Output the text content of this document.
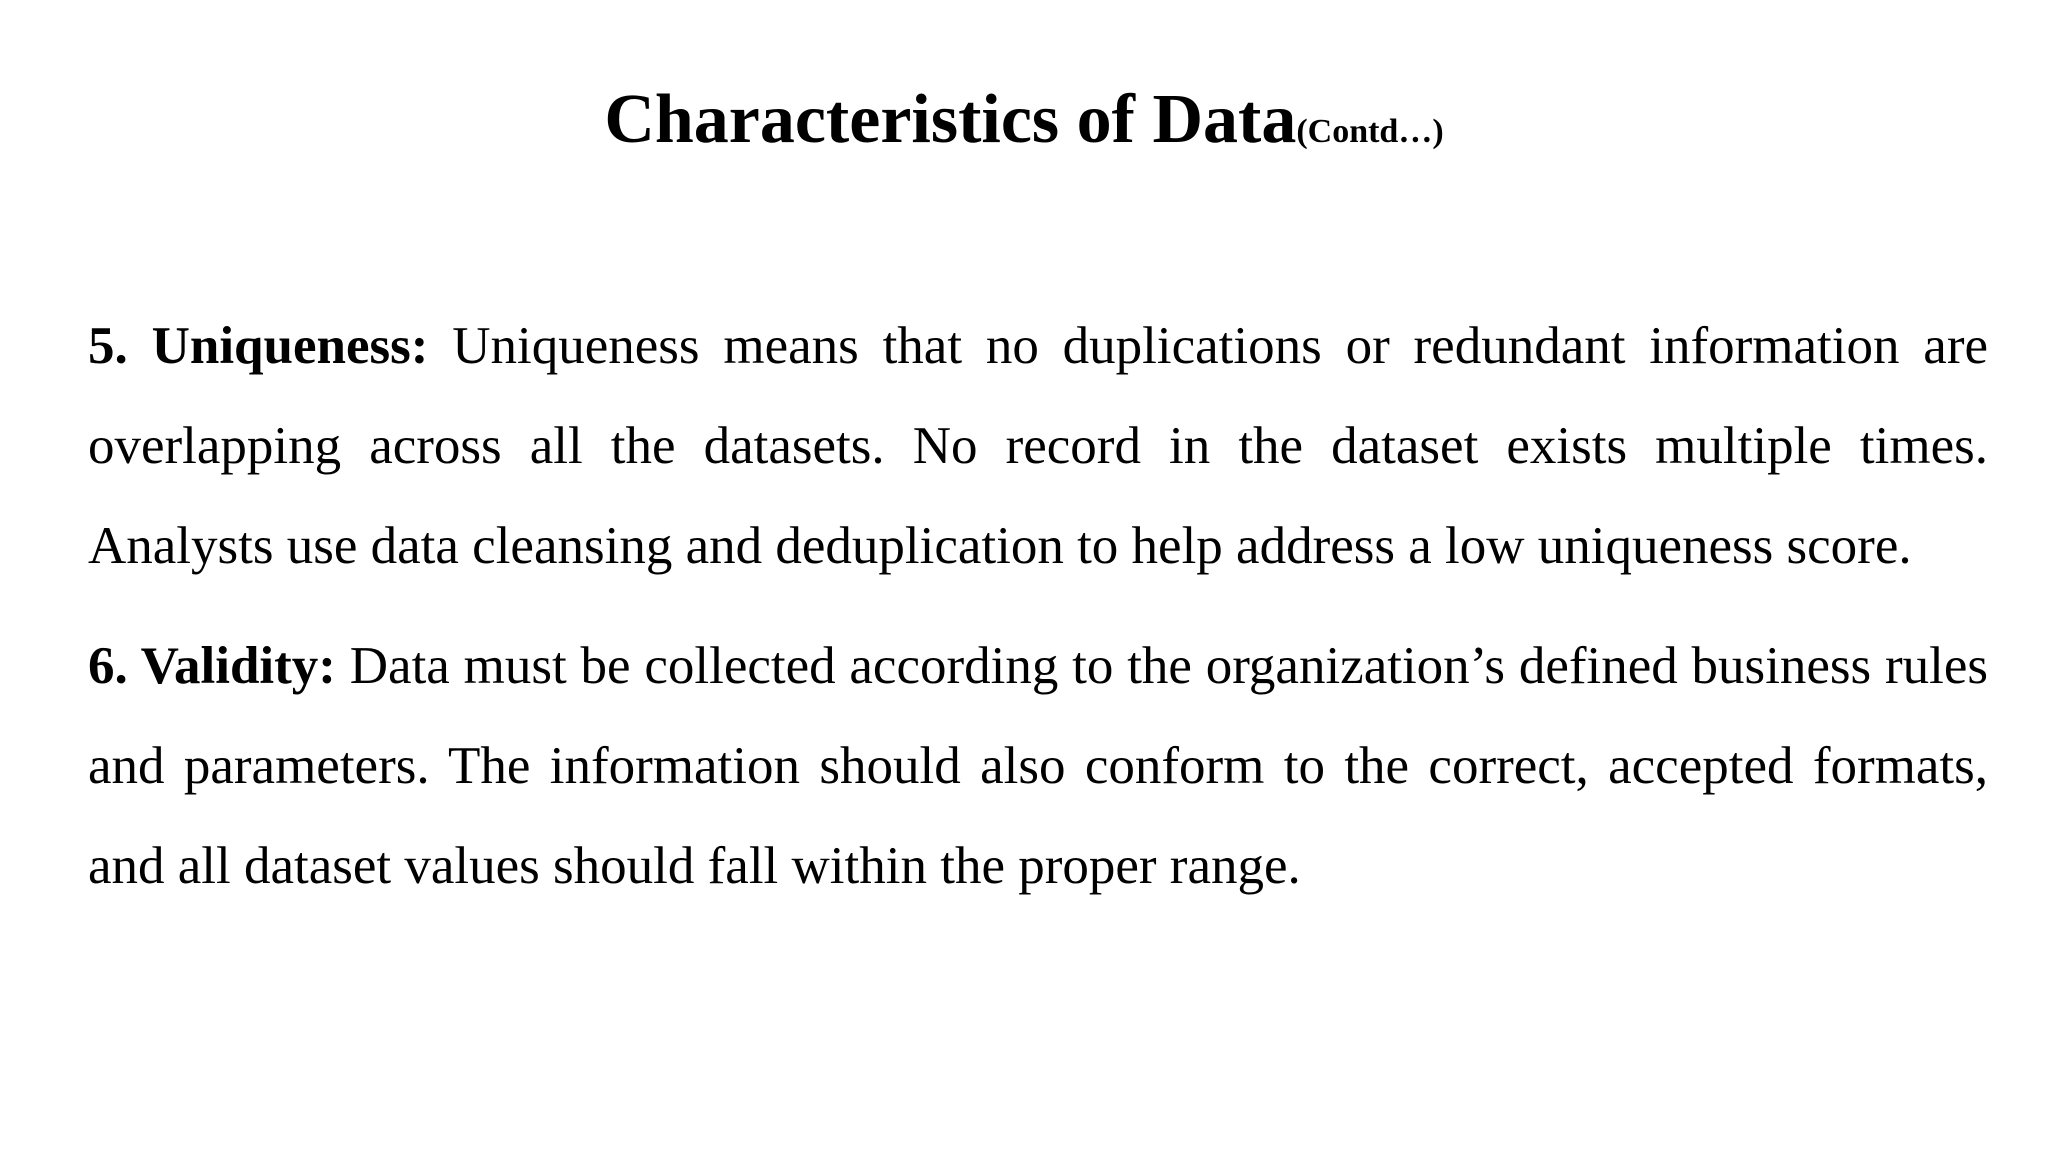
Characteristics of Data(Contd…)

5. Uniqueness: Uniqueness means that no duplications or redundant information are overlapping across all the datasets. No record in the dataset exists multiple times. Analysts use data cleansing and deduplication to help address a low uniqueness score.

6. Validity: Data must be collected according to the organization’s defined business rules and parameters. The information should also conform to the correct, accepted formats, and all dataset values should fall within the proper range.
